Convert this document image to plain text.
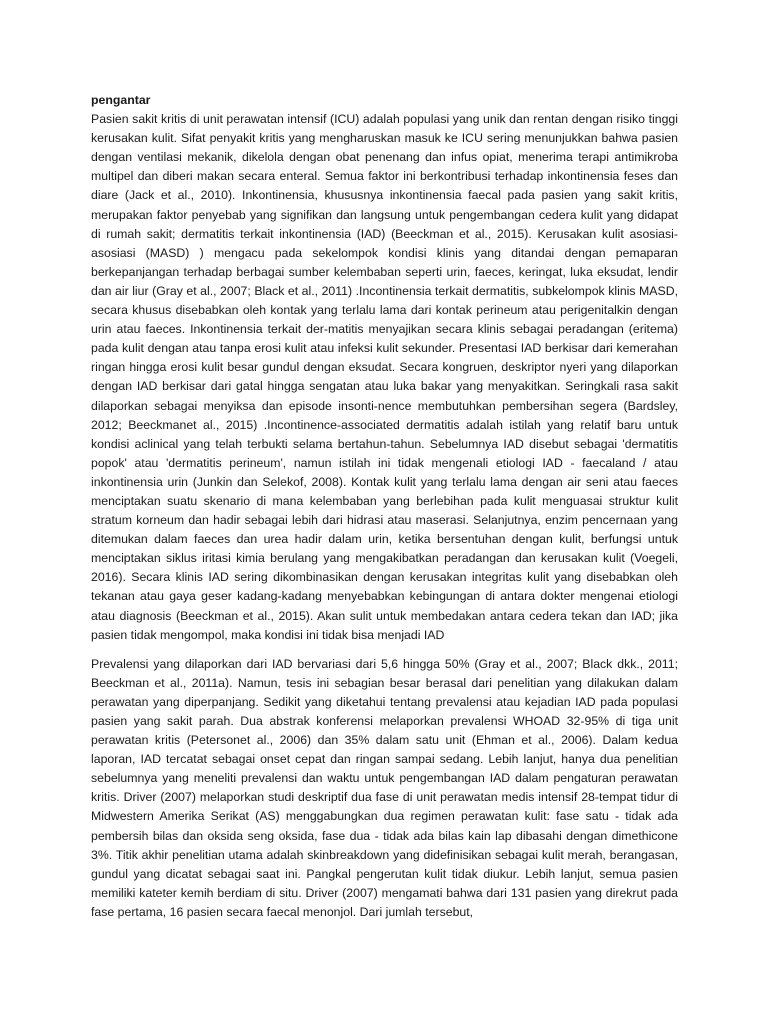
pengantar

Pasien sakit kritis di unit perawatan intensif (ICU) adalah populasi yang unik dan rentan dengan risiko tinggi kerusakan kulit. Sifat penyakit kritis yang mengharuskan masuk ke ICU sering menunjukkan bahwa pasien dengan ventilasi mekanik, dikelola dengan obat penenang dan infus opiat, menerima terapi antimikroba multipel dan diberi makan secara enteral. Semua faktor ini berkontribusi terhadap inkontinensia feses dan diare (Jack et al., 2010). Inkontinensia, khususnya inkontinensia faecal pada pasien yang sakit kritis, merupakan faktor penyebab yang signifikan dan langsung untuk pengembangan cedera kulit yang didapat di rumah sakit; dermatitis terkait inkontinensia (IAD) (Beeckman et al., 2015). Kerusakan kulit asosiasi-asosiasi (MASD) ) mengacu pada sekelompok kondisi klinis yang ditandai dengan pemaparan berkepanjangan terhadap berbagai sumber kelembaban seperti urin, faeces, keringat, luka eksudat, lendir dan air liur (Gray et al., 2007; Black et al., 2011) .Incontinensia terkait dermatitis, subkelompok klinis MASD, secara khusus disebabkan oleh kontak yang terlalu lama dari kontak perineum atau perigenitalkin dengan urin atau faeces. Inkontinensia terkait der-matitis menyajikan secara klinis sebagai peradangan (eritema) pada kulit dengan atau tanpa erosi kulit atau infeksi kulit sekunder. Presentasi IAD berkisar dari kemerahan ringan hingga erosi kulit besar gundul dengan eksudat. Secara kongruen, deskriptor nyeri yang dilaporkan dengan IAD berkisar dari gatal hingga sengatan atau luka bakar yang menyakitkan. Seringkali rasa sakit dilaporkan sebagai menyiksa dan episode insonti-nence membutuhkan pembersihan segera (Bardsley, 2012; Beeckmanet al., 2015) .Incontinence-associated dermatitis adalah istilah yang relatif baru untuk kondisi aclinical yang telah terbukti selama bertahun-tahun. Sebelumnya IAD disebut sebagai 'dermatitis popok' atau 'dermatitis perineum', namun istilah ini tidak mengenali etiologi IAD - faecaland / atau inkontinensia urin (Junkin dan Selekof, 2008). Kontak kulit yang terlalu lama dengan air seni atau faeces menciptakan suatu skenario di mana kelembaban yang berlebihan pada kulit menguasai struktur kulit stratum korneum dan hadir sebagai lebih dari hidrasi atau maserasi. Selanjutnya, enzim pencernaan yang ditemukan dalam faeces dan urea hadir dalam urin, ketika bersentuhan dengan kulit, berfungsi untuk menciptakan siklus iritasi kimia berulang yang mengakibatkan peradangan dan kerusakan kulit (Voegeli, 2016). Secara klinis IAD sering dikombinasikan dengan kerusakan integritas kulit yang disebabkan oleh tekanan atau gaya geser kadang-kadang menyebabkan kebingungan di antara dokter mengenai etiologi atau diagnosis (Beeckman et al., 2015). Akan sulit untuk membedakan antara cedera tekan dan IAD; jika pasien tidak mengompol, maka kondisi ini tidak bisa menjadi IAD

Prevalensi yang dilaporkan dari IAD bervariasi dari 5,6 hingga 50% (Gray et al., 2007; Black dkk., 2011; Beeckman et al., 2011a). Namun, tesis ini sebagian besar berasal dari penelitian yang dilakukan dalam perawatan yang diperpanjang. Sedikit yang diketahui tentang prevalensi atau kejadian IAD pada populasi pasien yang sakit parah. Dua abstrak konferensi melaporkan prevalensi WHOAD 32-95% di tiga unit perawatan kritis (Petersonet al., 2006) dan 35% dalam satu unit (Ehman et al., 2006). Dalam kedua laporan, IAD tercatat sebagai onset cepat dan ringan sampai sedang. Lebih lanjut, hanya dua penelitian sebelumnya yang meneliti prevalensi dan waktu untuk pengembangan IAD dalam pengaturan perawatan kritis. Driver (2007) melaporkan studi deskriptif dua fase di unit perawatan medis intensif 28-tempat tidur di Midwestern Amerika Serikat (AS) menggabungkan dua regimen perawatan kulit: fase satu - tidak ada pembersih bilas dan oksida seng oksida, fase dua - tidak ada bilas kain lap dibasahi dengan dimethicone 3%. Titik akhir penelitian utama adalah skinbreakdown yang didefinisikan sebagai kulit merah, berangasan, gundul yang dicatat sebagai saat ini. Pangkal pengerutan kulit tidak diukur. Lebih lanjut, semua pasien memiliki kateter kemih berdiam di situ. Driver (2007) mengamati bahwa dari 131 pasien yang direkrut pada fase pertama, 16 pasien secara faecal menonjol. Dari jumlah tersebut,
